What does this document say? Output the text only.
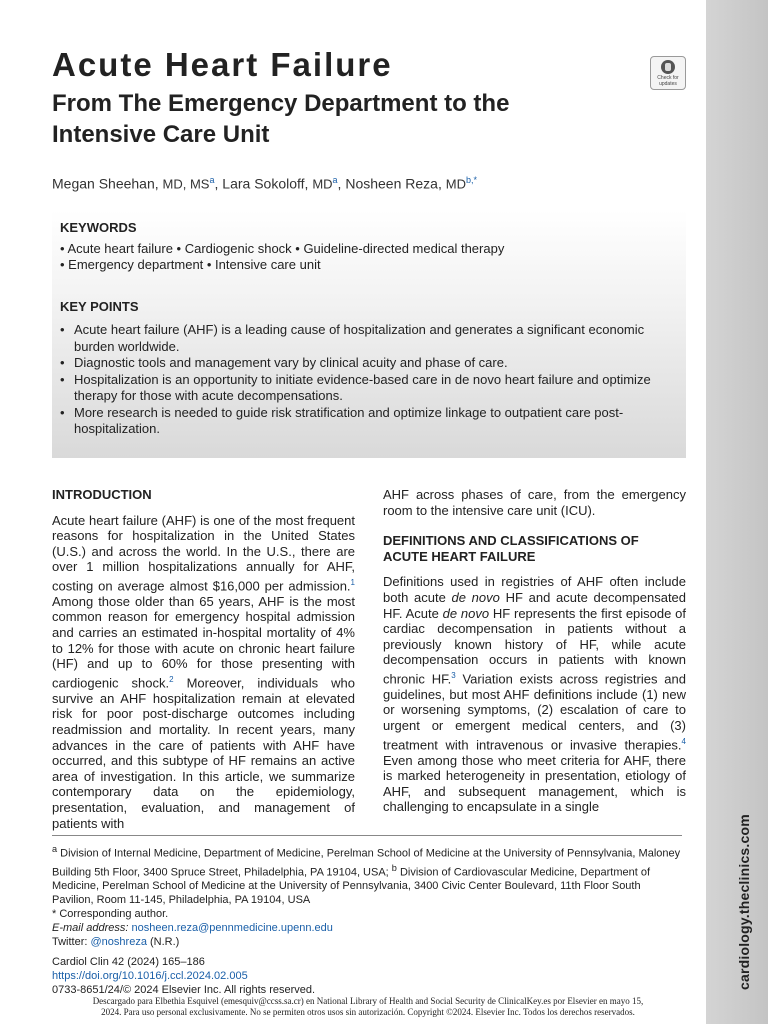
cardiology.theclinics.com
Acute Heart Failure
From The Emergency Department to the Intensive Care Unit
Check for updates
Megan Sheehan, MD, $MS^a$, Lara Sokoloff, $MD^a$, Nosheen Reza, $MD^{b,*}$
KEYWORDS
• Acute heart failure • Cardiogenic shock • Guideline-directed medical therapy
• Emergency department • Intensive care unit
KEY POINTS
• Acute heart failure (AHF) is a leading cause of hospitalization and generates a significant economic burden worldwide.
• Diagnostic tools and management vary by clinical acuity and phase of care.
• Hospitalization is an opportunity to initiate evidence-based care in de novo heart failure and optimize therapy for those with acute decompensations.
• More research is needed to guide risk stratification and optimize linkage to outpatient care post-hospitalization.
INTRODUCTION

Acute heart failure (AHF) is one of the most frequent reasons for hospitalization in the United States (U.S.) and across the world. In the U.S., there are over 1 million hospitalizations annually for AHF, costing on average almost $16,000 per admission.$^1$ Among those older than 65 years, AHF is the most common reason for emergency hospital admission and carries an estimated in-hospital mortality of 4% to 12% for those with acute on chronic heart failure (HF) and up to 60% for those presenting with cardiogenic shock.$^2$ Moreover, individuals who survive an AHF hospitalization remain at elevated risk for poor post-discharge outcomes including readmission and mortality. In recent years, many advances in the care of patients with AHF have occurred, and this subtype of HF remains an active area of investigation. In this article, we summarize contemporary data on the epidemiology, presentation, evaluation, and management of patients with

AHF across phases of care, from the emergency room to the intensive care unit (ICU).

DEFINITIONS AND CLASSIFICATIONS OF ACUTE HEART FAILURE

Definitions used in registries of AHF often include both acute de novo HF and acute decompensated HF. Acute de novo HF represents the first episode of cardiac decompensation in patients without a previously known history of HF, while acute decompensation occurs in patients with known chronic HF.$^3$ Variation exists across registries and guidelines, but most AHF definitions include (1) new or worsening symptoms, (2) escalation of care to urgent or emergent medical centers, and (3) treatment with intravenous or invasive therapies.$^4$ Even among those who meet criteria for AHF, there is marked heterogeneity in presentation, etiology of AHF, and subsequent management, which is challenging to encapsulate in a single

$^a$ Division of Internal Medicine, Department of Medicine, Perelman School of Medicine at the University of Pennsylvania, Maloney Building 5th Floor, 3400 Spruce Street, Philadelphia, PA 19104, USA; $^b$ Division of Cardiovascular Medicine, Department of Medicine, Perelman School of Medicine at the University of Pennsylvania, 3400 Civic Center Boulevard, 11th Floor South Pavilion, Room 11-145, Philadelphia, PA 19104, USA
* Corresponding author.
E-mail address: nosheen.reza@pennmedicine.upenn.edu
Twitter: @noshreza (N.R.)
Cardiol Clin 42 (2024) 165–186
https://doi.org/10.1016/j.ccl.2024.02.005
0733-8651/24/© 2024 Elsevier Inc. All rights reserved.
Descargado para Elbethia Esquivel (emesquiv@ccss.sa.cr) en National Library of Health and Social Security de ClinicalKey.es por Elsevier en mayo 15,
2024. Para uso personal exclusivamente. No se permiten otros usos sin autorización. Copyright ©2024. Elsevier Inc. Todos los derechos reservados.
